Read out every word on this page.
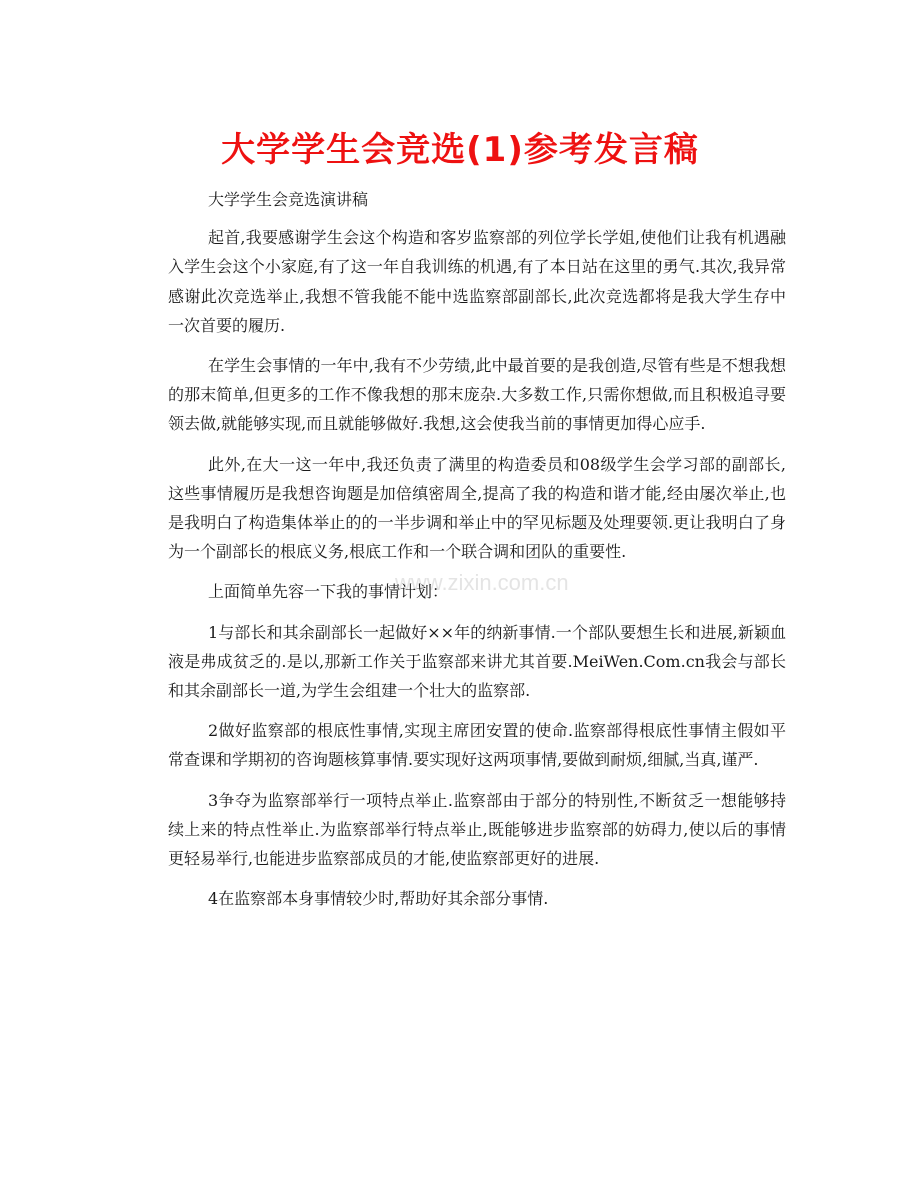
大学学生会竞选(1)参考发言稿
www.zixin.com.cn

大学学生会竞选演讲稿

起首,我要感谢学生会这个构造和客岁监察部的列位学长学姐,使他们让我有机遇融入学生会这个小家庭,有了这一年自我训练的机遇,有了本日站在这里的勇气.其次,我异常感谢此次竞选举止,我想不管我能不能中选监察部副部长,此次竞选都将是我大学生存中一次首要的履历.

在学生会事情的一年中,我有不少劳绩,此中最首要的是我创造,尽管有些是不想我想的那末简单,但更多的工作不像我想的那末庞杂.大多数工作,只需你想做,而且积极追寻要领去做,就能够实现,而且就能够做好.我想,这会使我当前的事情更加得心应手.

此外,在大一这一年中,我还负责了满里的构造委员和08级学生会学习部的副部长,这些事情履历是我想咨询题是加倍缜密周全,提高了我的构造和谐才能,经由屡次举止,也是我明白了构造集体举止的的一半步调和举止中的罕见标题及处理要领.更让我明白了身为一个副部长的根底义务,根底工作和一个联合调和团队的重要性.

上面简单先容一下我的事情计划：

1与部长和其余副部长一起做好××年的纳新事情.一个部队要想生长和进展,新颖血液是弗成贫乏的.是以,那新工作关于监察部来讲尤其首要.MeiWen.Com.cn我会与部长和其余副部长一道,为学生会组建一个壮大的监察部.

2做好监察部的根底性事情,实现主席团安置的使命.监察部得根底性事情主假如平常查课和学期初的咨询题核算事情.要实现好这两项事情,要做到耐烦,细腻,当真,谨严.

3争夺为监察部举行一项特点举止.监察部由于部分的特别性,不断贫乏一想能够持续上来的特点性举止.为监察部举行特点举止,既能够进步监察部的妨碍力,使以后的事情更轻易举行,也能进步监察部成员的才能,使监察部更好的进展.

4在监察部本身事情较少时,帮助好其余部分事情.
